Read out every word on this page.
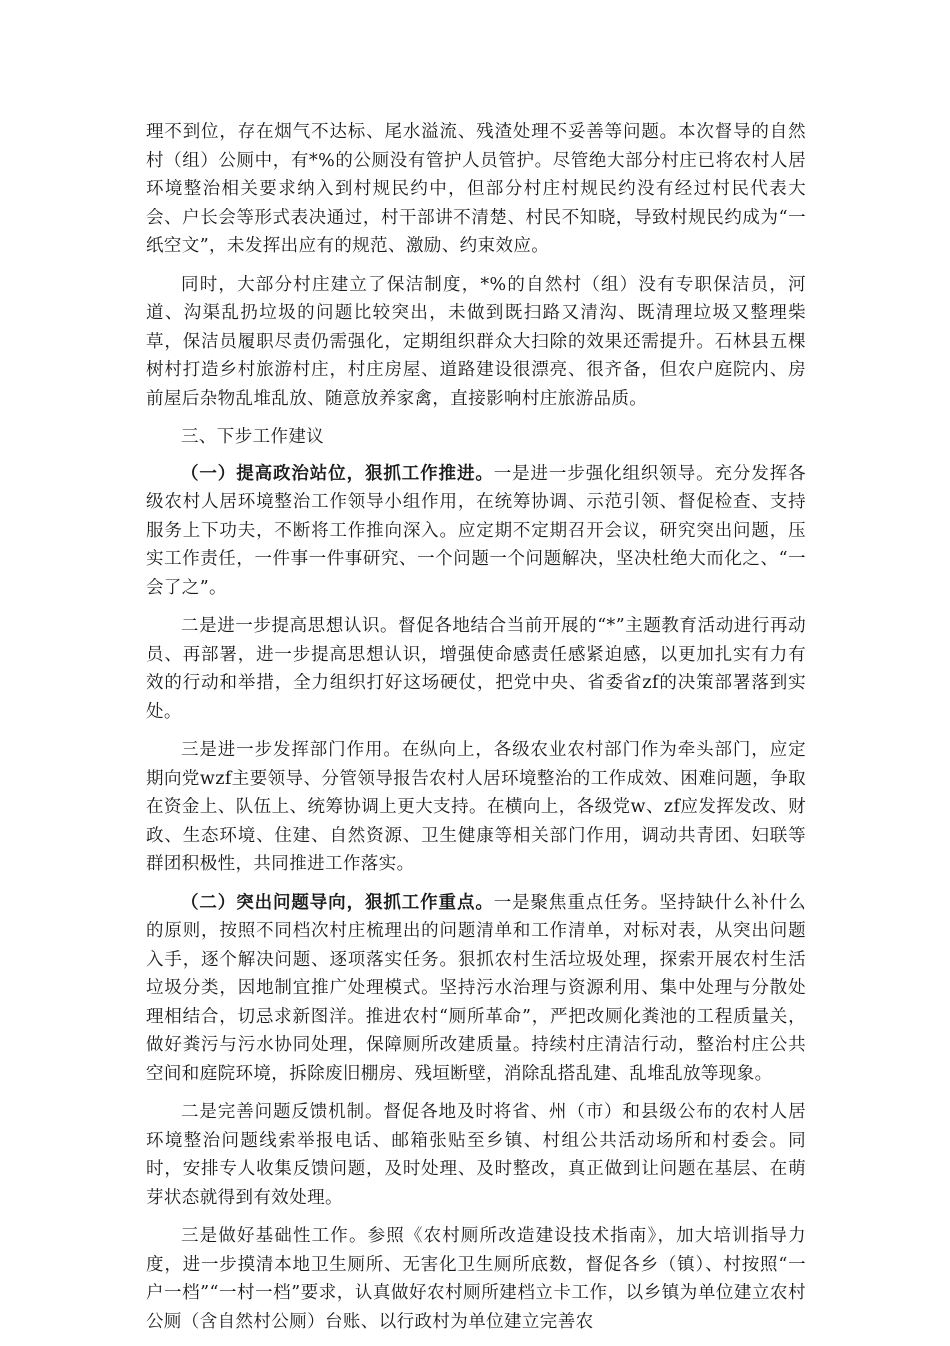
理不到位，存在烟气不达标、尾水溢流、残渣处理不妥善等问题。本次督导的自然村（组）公厕中，有*%的公厕没有管护人员管护。尽管绝大部分村庄已将农村人居环境整治相关要求纳入到村规民约中，但部分村庄村规民约没有经过村民代表大会、户长会等形式表决通过，村干部讲不清楚、村民不知晓，导致村规民约成为“一纸空文”，未发挥出应有的规范、激励、约束效应。

同时，大部分村庄建立了保洁制度，*%的自然村（组）没有专职保洁员，河道、沟渠乱扔垃圾的问题比较突出，未做到既扫路又清沟、既清理垃圾又整理柴草，保洁员履职尽责仍需强化，定期组织群众大扫除的效果还需提升。石林县五棵树村打造乡村旅游村庄，村庄房屋、道路建设很漂亮、很齐备，但农户庭院内、房前屋后杂物乱堆乱放、随意放养家禽，直接影响村庄旅游品质。

三、下步工作建议

（一）提高政治站位，狠抓工作推进。一是进一步强化组织领导。充分发挥各级农村人居环境整治工作领导小组作用，在统筹协调、示范引领、督促检查、支持服务上下功夫，不断将工作推向深入。应定期不定期召开会议，研究突出问题，压实工作责任，一件事一件事研究、一个问题一个问题解决，坚决杜绝大而化之、“一会了之”。

二是进一步提高思想认识。督促各地结合当前开展的“*”主题教育活动进行再动员、再部署，进一步提高思想认识，增强使命感责任感紧迫感，以更加扎实有力有效的行动和举措，全力组织打好这场硬仗，把党中央、省委省zf的决策部署落到实处。

三是进一步发挥部门作用。在纵向上，各级农业农村部门作为牵头部门，应定期向党wzf主要领导、分管领导报告农村人居环境整治的工作成效、困难问题，争取在资金上、队伍上、统筹协调上更大支持。在横向上，各级党w、zf应发挥发改、财政、生态环境、住建、自然资源、卫生健康等相关部门作用，调动共青团、妇联等群团积极性，共同推进工作落实。

（二）突出问题导向，狠抓工作重点。一是聚焦重点任务。坚持缺什么补什么的原则，按照不同档次村庄梳理出的问题清单和工作清单，对标对表，从突出问题入手，逐个解决问题、逐项落实任务。狠抓农村生活垃圾处理，探索开展农村生活垃圾分类，因地制宜推广处理模式。坚持污水治理与资源利用、集中处理与分散处理相结合，切忌求新图洋。推进农村“厕所革命”，严把改厕化粪池的工程质量关，做好粪污与污水协同处理，保障厕所改建质量。持续村庄清洁行动，整治村庄公共空间和庭院环境，拆除废旧棚房、残垣断壁，消除乱搭乱建、乱堆乱放等现象。

二是完善问题反馈机制。督促各地及时将省、州（市）和县级公布的农村人居环境整治问题线索举报电话、邮箱张贴至乡镇、村组公共活动场所和村委会。同时，安排专人收集反馈问题，及时处理、及时整改，真正做到让问题在基层、在萌芽状态就得到有效处理。

三是做好基础性工作。参照《农村厕所改造建设技术指南》，加大培训指导力度，进一步摸清本地卫生厕所、无害化卫生厕所底数，督促各乡（镇）、村按照“一户一档”“一村一档”要求，认真做好农村厕所建档立卡工作，以乡镇为单位建立农村公厕（含自然村公厕）台账、以行政村为单位建立完善农
